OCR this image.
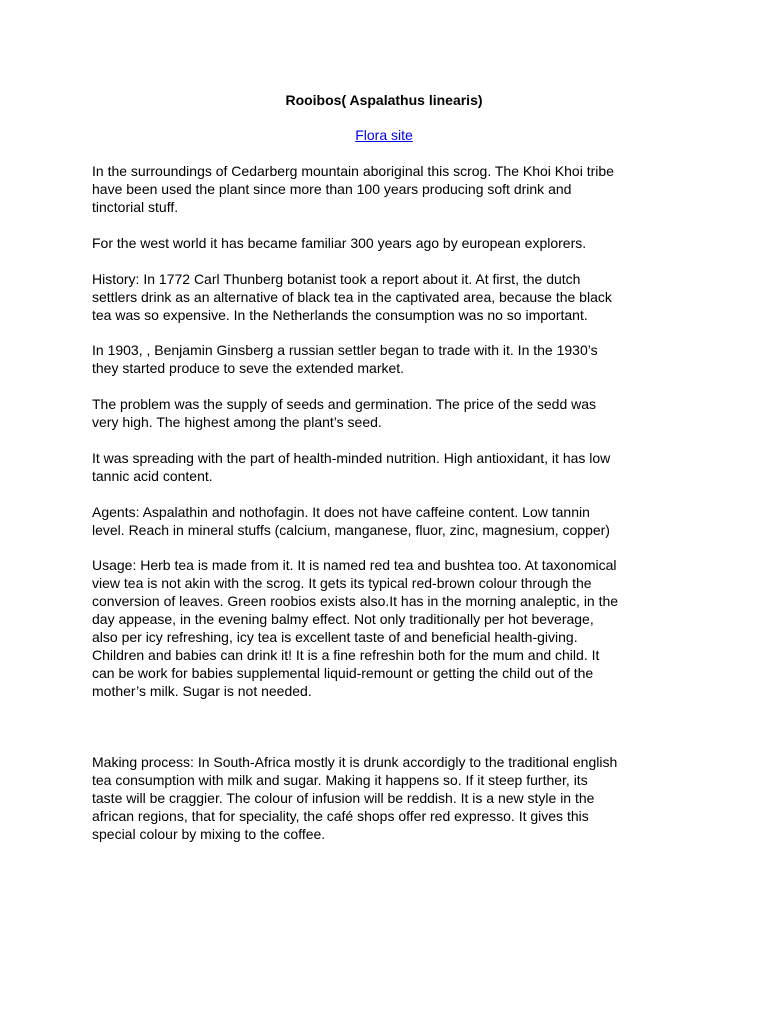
Rooibos( Aspalathus linearis)
Flora site
In the surroundings of Cedarberg mountain aboriginal this scrog. The Khoi Khoi tribe
have been used the plant since more than 100 years producing soft drink and
tinctorial stuff.
For the west world it has became familiar 300 years ago by european explorers.
History: In 1772 Carl Thunberg botanist took a report about it. At first, the dutch
settlers drink as an alternative of black tea in the captivated area, because the black
tea was so expensive. In the Netherlands the consumption was no so important.
In 1903, , Benjamin Ginsberg a russian settler began to trade with it. In the 1930’s
they started produce to seve the extended market.
The problem was the supply of seeds and germination. The price of the sedd was
very high. The highest among the plant’s seed.
It was spreading with the part of health-minded nutrition. High antioxidant, it has low
tannic acid content.
Agents: Aspalathin and nothofagin. It does not have caffeine content. Low tannin
level. Reach in mineral stuffs (calcium, manganese, fluor, zinc, magnesium, copper)
Usage: Herb tea is made from it. It is named red tea and bushtea too. At taxonomical
view tea is not akin with the scrog. It gets its typical red-brown colour through the
conversion of leaves. Green roobios exists also.It has in the morning analeptic, in the
day appease, in the evening balmy effect. Not only traditionally per hot beverage,
also per icy refreshing, icy tea is excellent taste of and beneficial health-giving.
Children and babies can drink it! It is a fine refreshin both for the mum and child. It
can be work for babies supplemental liquid-remount or getting the child out of the
mother’s milk. Sugar is not needed.
Making process: In South-Africa mostly it is drunk accordigly to the traditional english
tea consumption with milk and sugar. Making it happens so. If it steep further, its
taste will be craggier. The colour of infusion will be reddish. It is a new style in the
african regions, that for speciality, the café shops offer red expresso. It gives this
special colour by mixing to the coffee.
